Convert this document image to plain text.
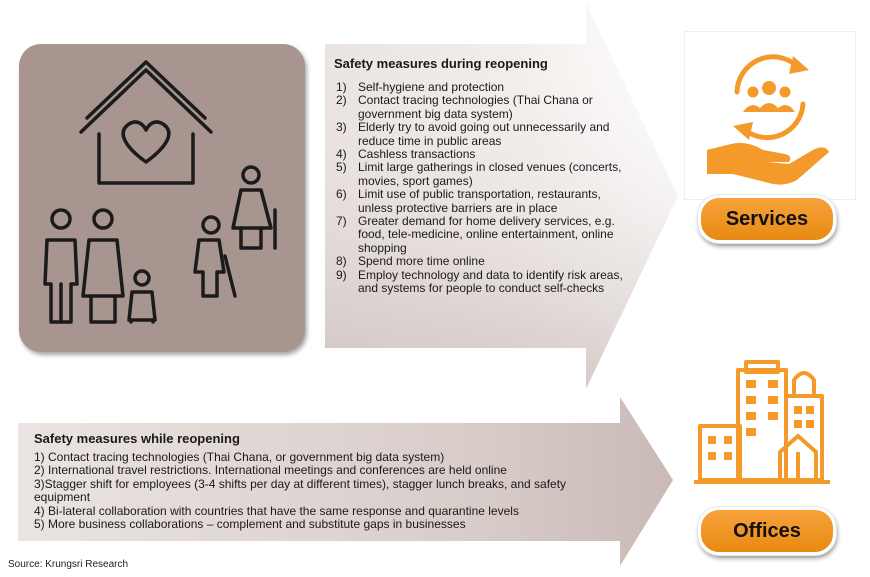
Safety measures during reopening
1) Self-hygiene and protection
2) Contact tracing technologies (Thai Chana or government big data system)
3) Elderly try to avoid going out unnecessarily and reduce time in public areas
4) Cashless transactions
5) Limit large gatherings in closed venues (concerts, movies, sport games)
6) Limit use of public transportation, restaurants, unless protective barriers are in place
7) Greater demand for home delivery services, e.g. food, tele-medicine, online entertainment, online shopping
8) Spend more time online
9) Employ technology and data to identify risk areas, and systems for people to conduct self-checks
Services
Safety measures while reopening
1) Contact tracing technologies (Thai Chana, or government big data system)
2) International travel restrictions. International meetings and conferences are held online
3)Stagger shift for employees (3-4 shifts per day at different times), stagger lunch breaks, and safety equipment
4) Bi-lateral collaboration with countries that have the same response and quarantine levels
5) More business collaborations – complement and substitute gaps in businesses	Offices
Source: Krungsri Research
